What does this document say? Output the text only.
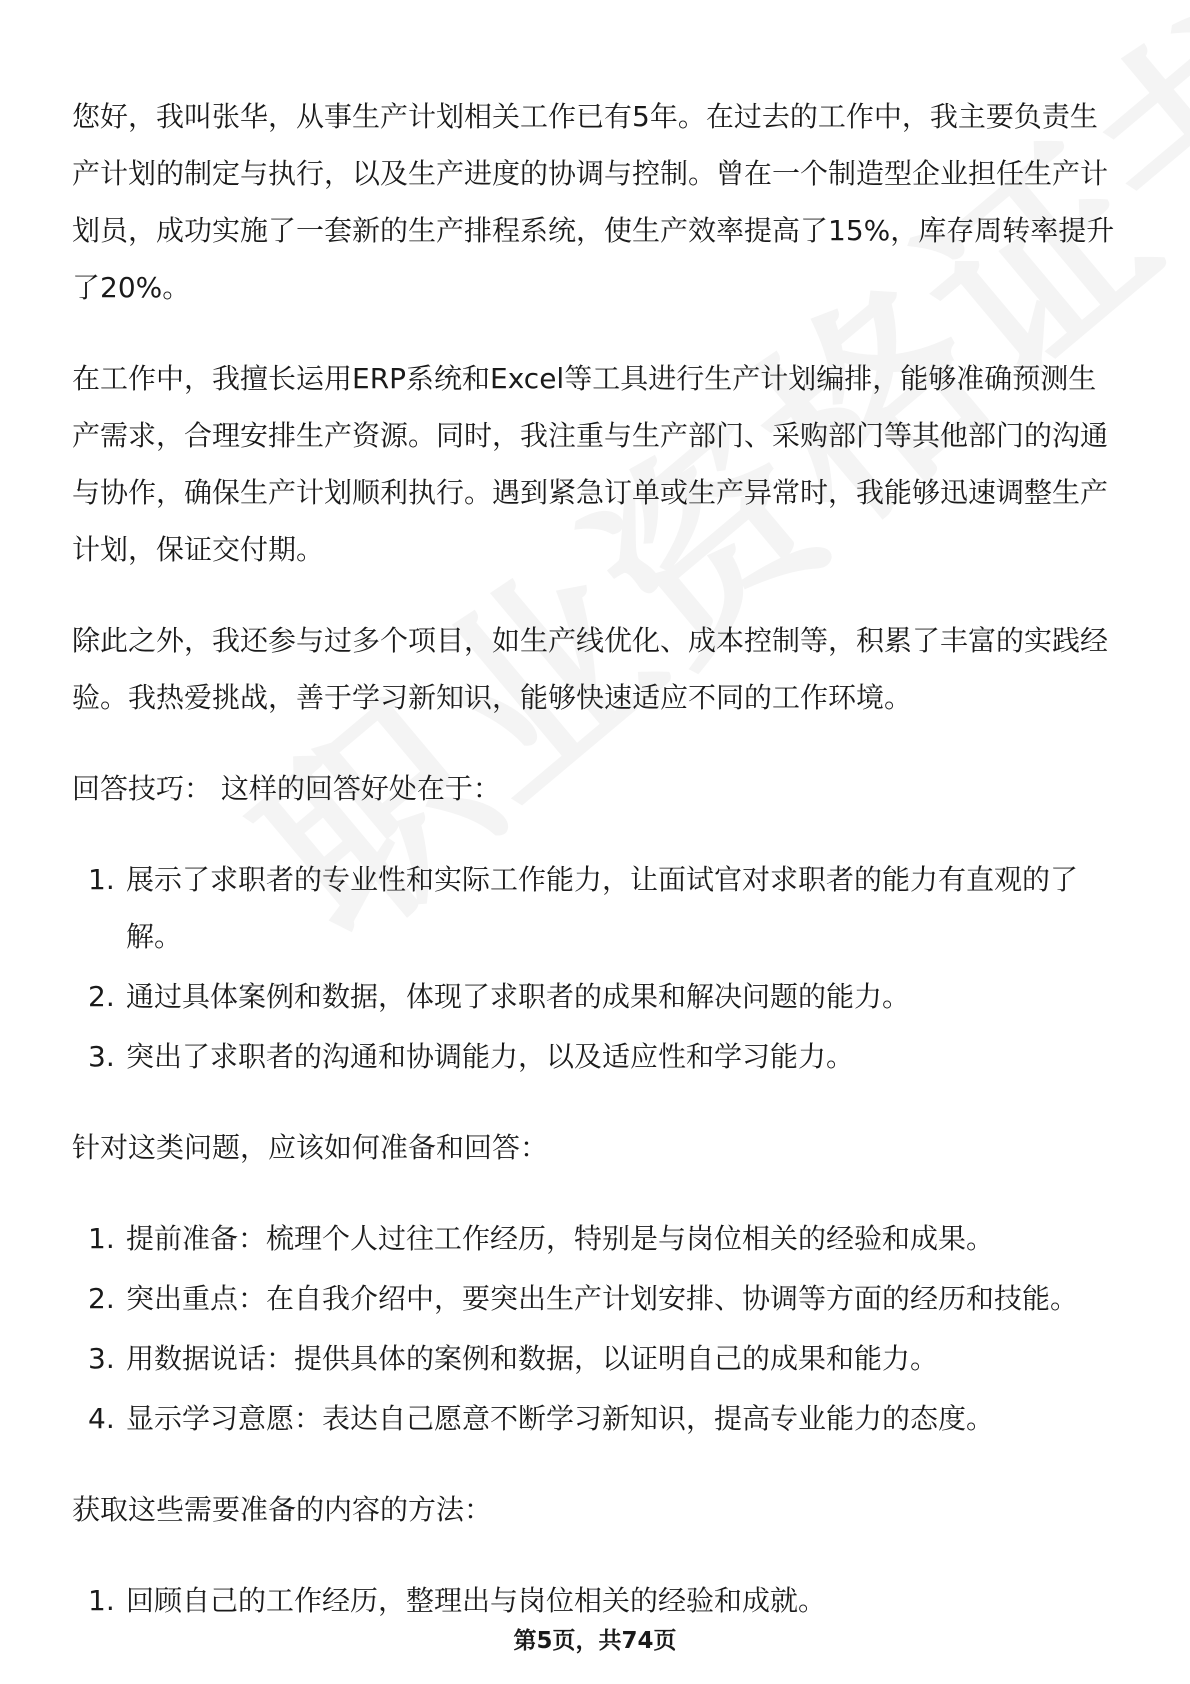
您好，我叫张华，从事生产计划相关工作已有5年。在过去的工作中，我主要负责生产计划的制定与执行，以及生产进度的协调与控制。曾在一个制造型企业担任生产计划员，成功实施了一套新的生产排程系统，使生产效率提高了15%，库存周转率提升了20%。

在工作中，我擅长运用ERP系统和Excel等工具进行生产计划编排，能够准确预测生产需求，合理安排生产资源。同时，我注重与生产部门、采购部门等其他部门的沟通与协作，确保生产计划顺利执行。遇到紧急订单或生产异常时，我能够迅速调整生产计划，保证交付期。

除此之外，我还参与过多个项目，如生产线优化、成本控制等，积累了丰富的实践经验。我热爱挑战，善于学习新知识，能够快速适应不同的工作环境。

回答技巧： 这样的回答好处在于：

1. 展示了求职者的专业性和实际工作能力，让面试官对求职者的能力有直观的了解。
2. 通过具体案例和数据，体现了求职者的成果和解决问题的能力。
3. 突出了求职者的沟通和协调能力，以及适应性和学习能力。

针对这类问题，应该如何准备和回答：

1. 提前准备：梳理个人过往工作经历，特别是与岗位相关的经验和成果。
2. 突出重点：在自我介绍中，要突出生产计划安排、协调等方面的经历和技能。
3. 用数据说话：提供具体的案例和数据，以证明自己的成果和能力。
4. 显示学习意愿：表达自己愿意不断学习新知识，提高专业能力的态度。

获取这些需要准备的内容的方法：

1. 回顾自己的工作经历，整理出与岗位相关的经验和成就。
第5页，共74页
